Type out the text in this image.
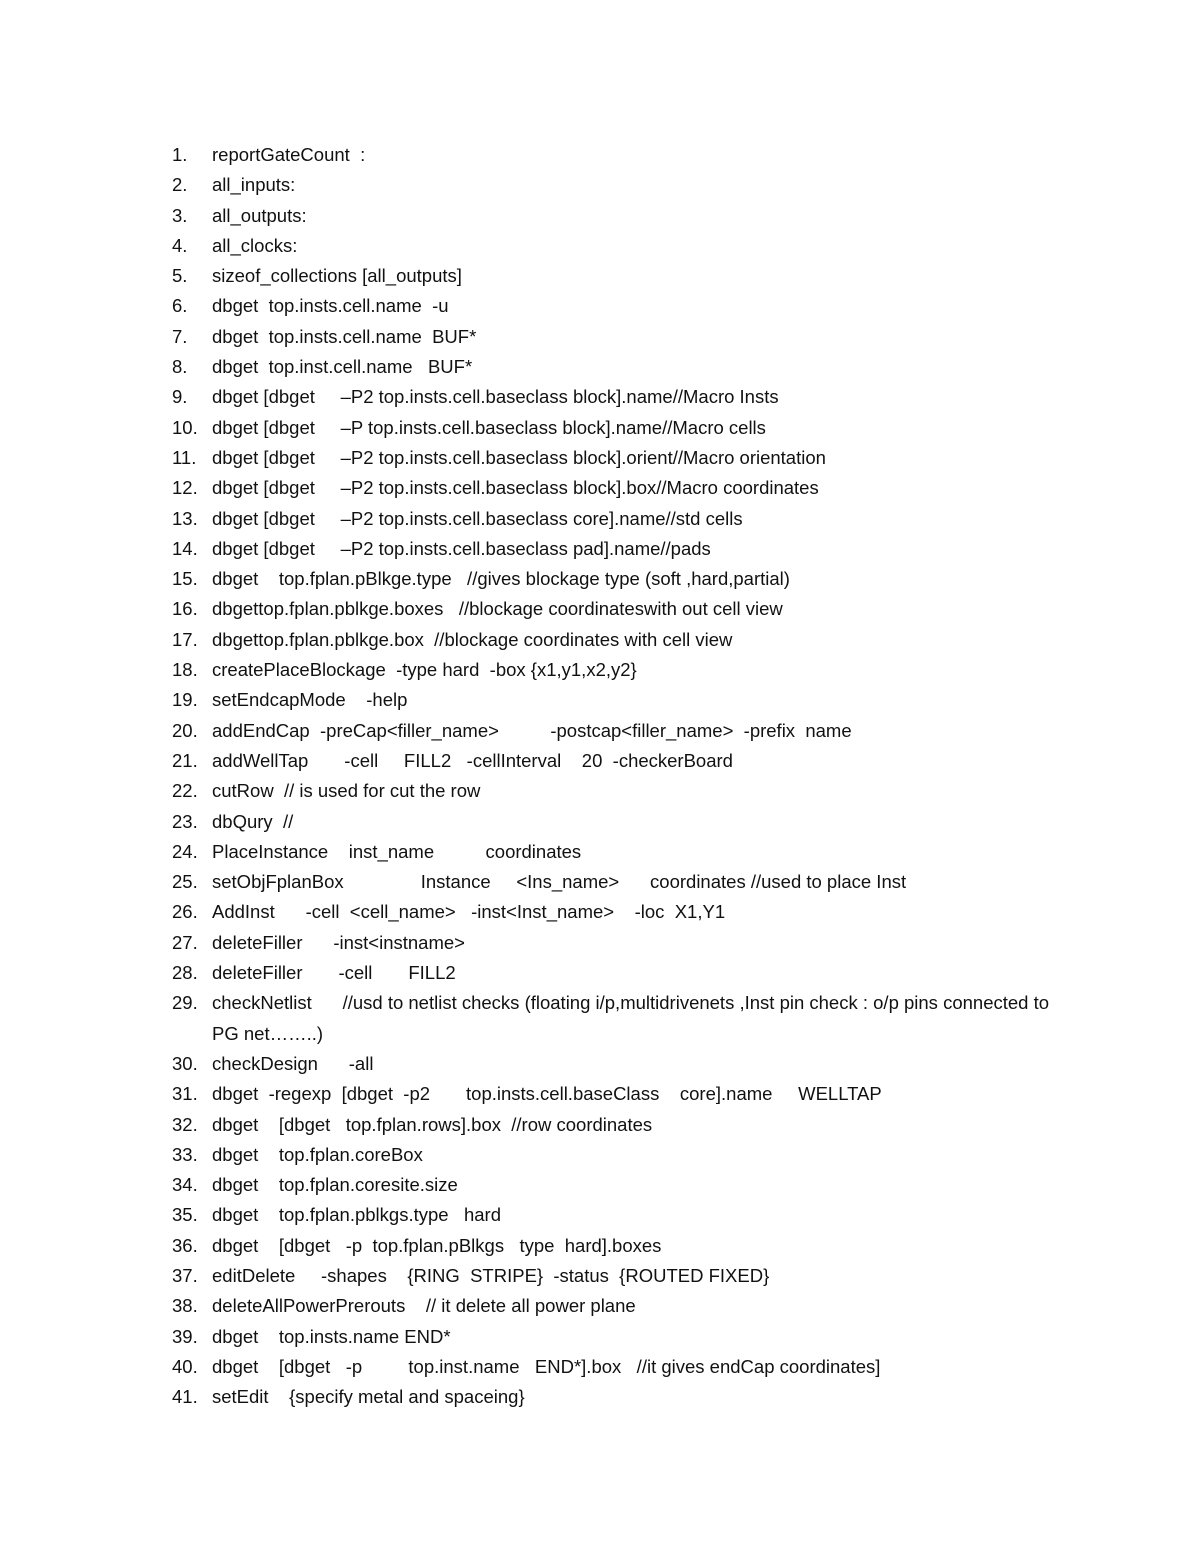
1.	reportGateCount  :
2.	all_inputs:
3.	all_outputs:
4.	all_clocks:
5.	sizeof_collections [all_outputs]
6.	dbget  top.insts.cell.name  -u
7.	dbget  top.insts.cell.name  BUF*
8.	dbget  top.inst.cell.name   BUF*
9.	dbget [dbget     –P2 top.insts.cell.baseclass block].name//Macro Insts
10. dbget [dbget     –P top.insts.cell.baseclass block].name//Macro cells
11. dbget [dbget     –P2 top.insts.cell.baseclass block].orient//Macro orientation
12. dbget [dbget     –P2 top.insts.cell.baseclass block].box//Macro coordinates
13. dbget [dbget     –P2 top.insts.cell.baseclass core].name//std cells
14. dbget [dbget     –P2 top.insts.cell.baseclass pad].name//pads
15. dbget    top.fplan.pBlkge.type   //gives blockage type (soft ,hard,partial)
16. dbgettop.fplan.pblkge.boxes   //blockage coordinateswith out cell view
17. dbgettop.fplan.pblkge.box  //blockage coordinates with cell view
18. createPlaceBlockage  -type hard  -box {x1,y1,x2,y2}
19. setEndcapMode    -help
20. addEndCap  -preCap<filler_name>          -postcap<filler_name>  -prefix  name
21. addWellTap       -cell     FILL2   -cellInterval    20  -checkerBoard
22. cutRow  // is used for cut the row
23. dbQury  //
24. PlaceInstance    inst_name          coordinates
25. setObjFplanBox               Instance     <Ins_name>      coordinates //used to place Inst
26. AddInst      -cell  <cell_name>   -inst<Inst_name>    -loc  X1,Y1
27. deleteFiller      -inst<instname>
28. deleteFiller       -cell       FILL2
29. checkNetlist      //usd to netlist checks (floating i/p,multidrivenets ,Inst pin check : o/p pins connected to PG net……..)
30. checkDesign      -all
31. dbget  -regexp  [dbget  -p2       top.insts.cell.baseClass    core].name     WELLTAP
32. dbget    [dbget   top.fplan.rows].box  //row coordinates
33. dbget    top.fplan.coreBox
34. dbget    top.fplan.coresite.size
35. dbget    top.fplan.pblkgs.type   hard
36. dbget    [dbget   -p  top.fplan.pBlkgs   type  hard].boxes
37. editDelete     -shapes    {RING  STRIPE}  -status  {ROUTED FIXED}
38. deleteAllPowerPrerouts    // it delete all power plane
39. dbget    top.insts.name END*
40. dbget    [dbget   -p         top.inst.name   END*].box   //it gives endCap coordinates]
41. setEdit    {specify metal and spaceing}
